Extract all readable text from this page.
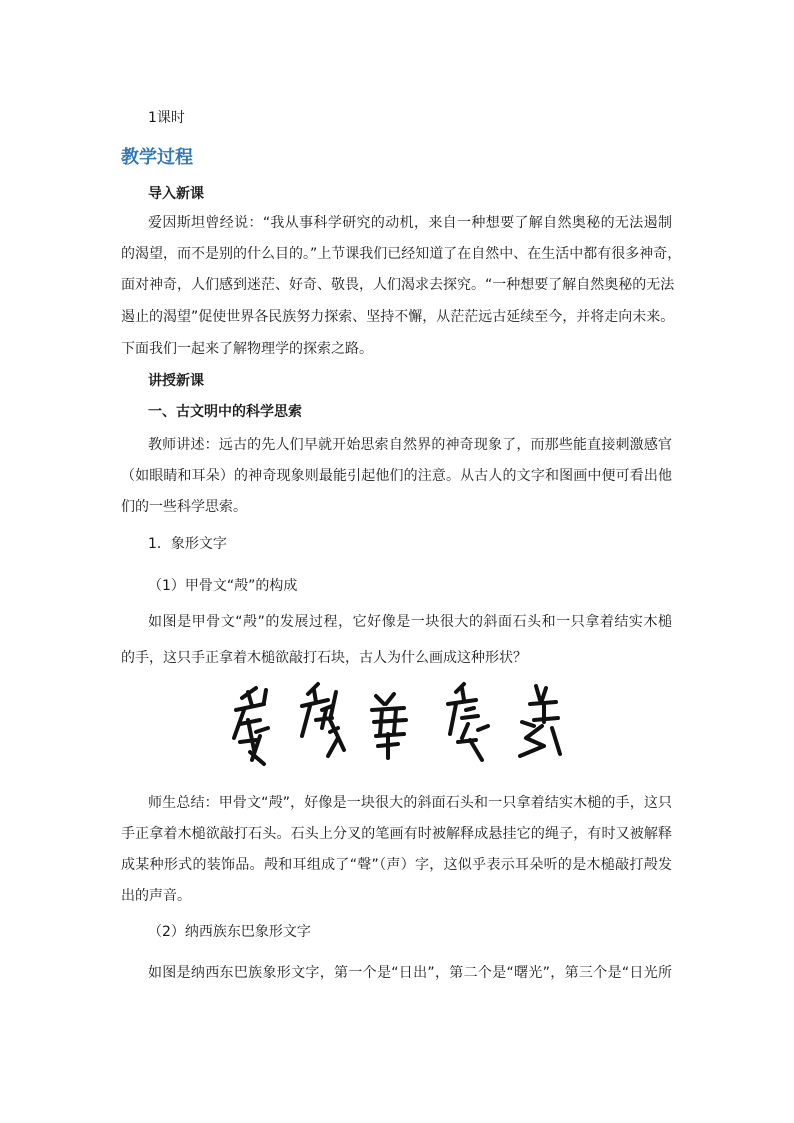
1课时
教学过程
导入新课
爱因斯坦曾经说：“我从事科学研究的动机，来自一种想要了解自然奥秘的无法遏制
的渴望，而不是别的什么目的。”上节课我们已经知道了在自然中、在生活中都有很多神奇，
面对神奇，人们感到迷茫、好奇、敬畏，人们渴求去探究。“一种想要了解自然奥秘的无法
遏止的渴望”促使世界各民族努力探索、坚持不懈，从茫茫远古延续至今，并将走向未来。
下面我们一起来了解物理学的探索之路。
讲授新课
一、古文明中的科学思索
教师讲述：远古的先人们早就开始思索自然界的神奇现象了，而那些能直接刺激感官
（如眼睛和耳朵）的神奇现象则最能引起他们的注意。从古人的文字和图画中便可看出他
们的一些科学思索。
1．象形文字
（1）甲骨文“殸”的构成
如图是甲骨文“殸”的发展过程，它好像是一块很大的斜面石头和一只拿着结实木槌
的手，这只手正拿着木槌欲敲打石块，古人为什么画成这种形状？
师生总结：甲骨文“殸”，好像是一块很大的斜面石头和一只拿着结实木槌的手，这只
手正拿着木槌欲敲打石头。石头上分叉的笔画有时被解释成悬挂它的绳子，有时又被解释
成某种形式的装饰品。殸和耳组成了“聲”（声）字，这似乎表示耳朵听的是木槌敲打殸发
出的声音。
（2）纳西族东巴象形文字
如图是纳西东巴族象形文字，第一个是“日出”，第二个是“曙光”，第三个是“日光所
